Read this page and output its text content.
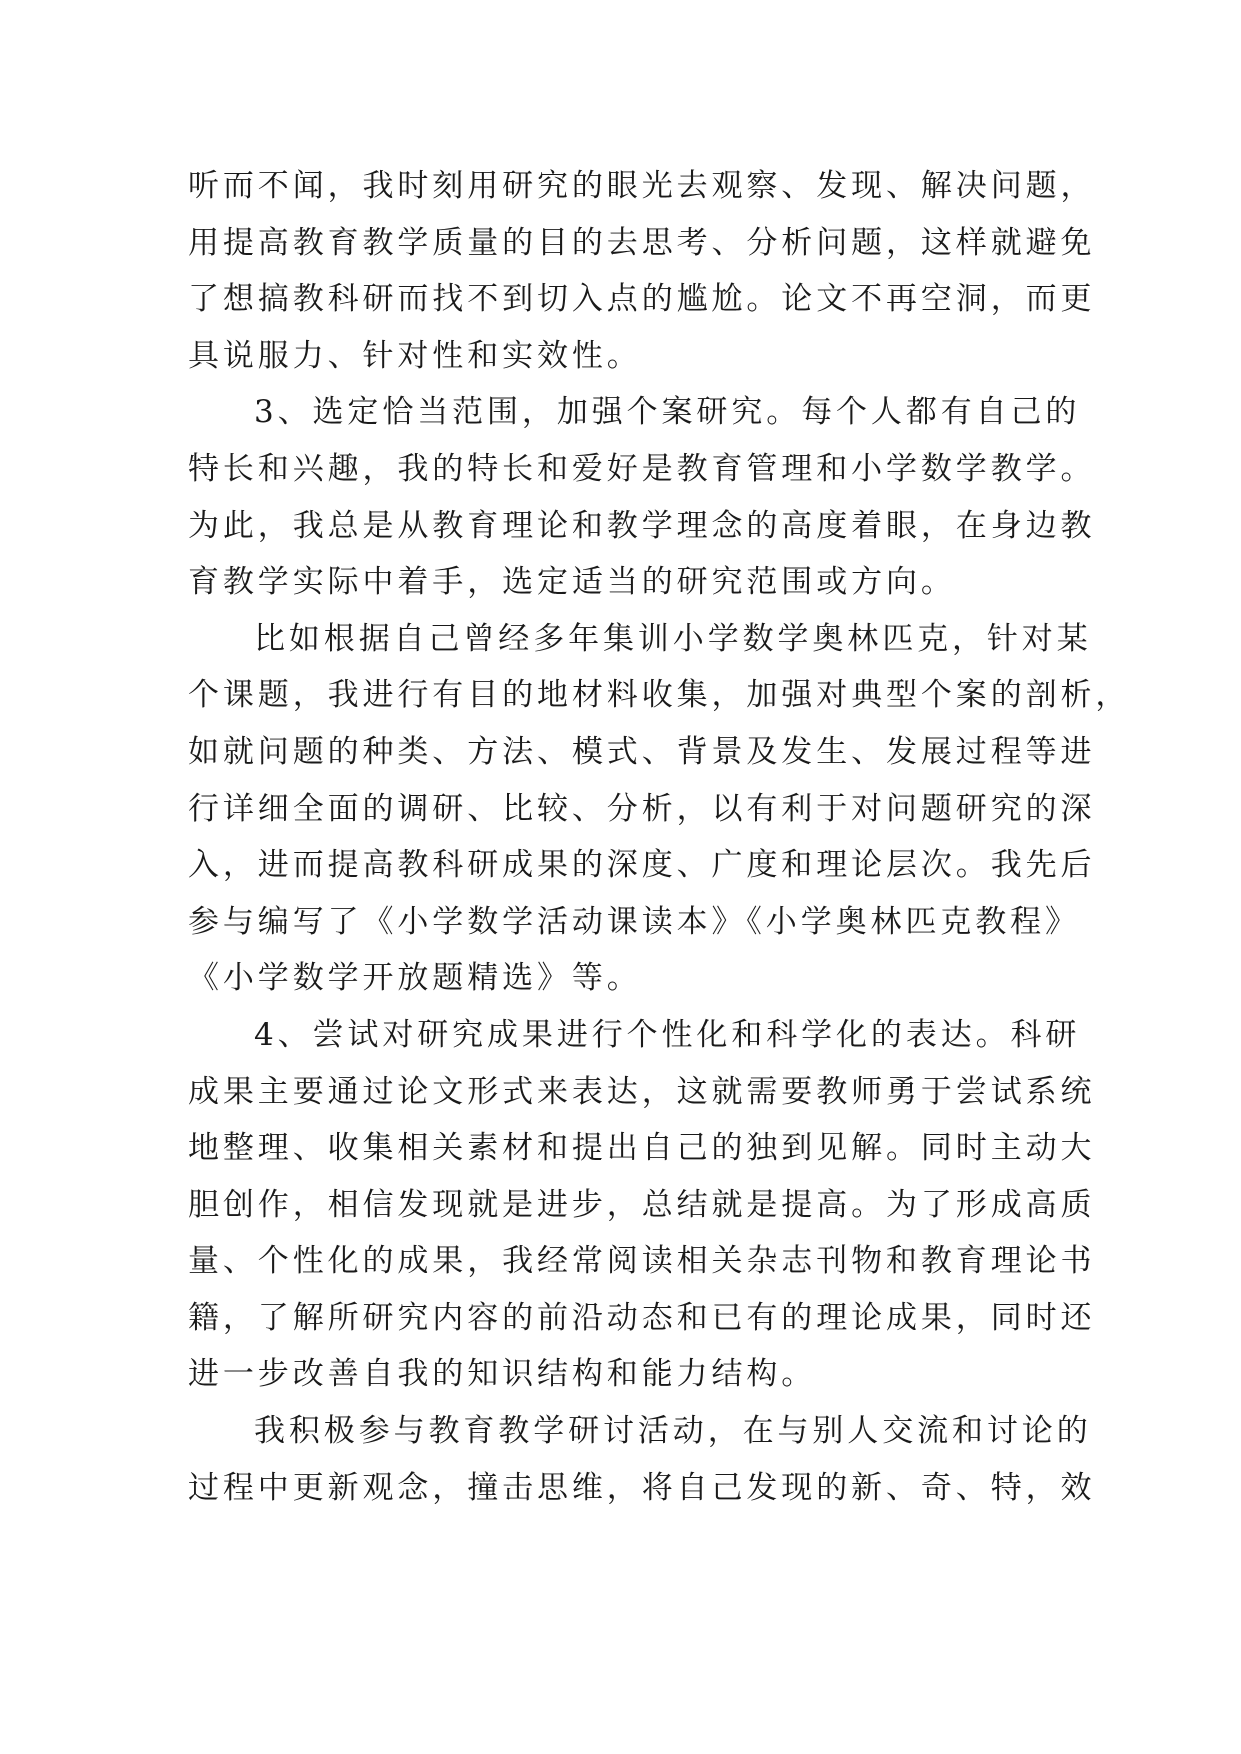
听而不闻，我时刻用研究的眼光去观察、发现、解决问题，
用提高教育教学质量的目的去思考、分析问题，这样就避免
了想搞教科研而找不到切入点的尴尬。论文不再空洞，而更
具说服力、针对性和实效性。
3、选定恰当范围，加强个案研究。每个人都有自己的
特长和兴趣，我的特长和爱好是教育管理和小学数学教学。
为此，我总是从教育理论和教学理念的高度着眼，在身边教
育教学实际中着手，选定适当的研究范围或方向。
比如根据自己曾经多年集训小学数学奥林匹克，针对某
个课题，我进行有目的地材料收集，加强对典型个案的剖析，
如就问题的种类、方法、模式、背景及发生、发展过程等进
行详细全面的调研、比较、分析，以有利于对问题研究的深
入，进而提高教科研成果的深度、广度和理论层次。我先后
参与编写了《小学数学活动课读本》《小学奥林匹克教程》
《小学数学开放题精选》等。
4、尝试对研究成果进行个性化和科学化的表达。科研
成果主要通过论文形式来表达，这就需要教师勇于尝试系统
地整理、收集相关素材和提出自己的独到见解。同时主动大
胆创作，相信发现就是进步，总结就是提高。为了形成高质
量、个性化的成果，我经常阅读相关杂志刊物和教育理论书
籍，了解所研究内容的前沿动态和已有的理论成果，同时还
进一步改善自我的知识结构和能力结构。
我积极参与教育教学研讨活动，在与别人交流和讨论的
过程中更新观念，撞击思维，将自己发现的新、奇、特，效
